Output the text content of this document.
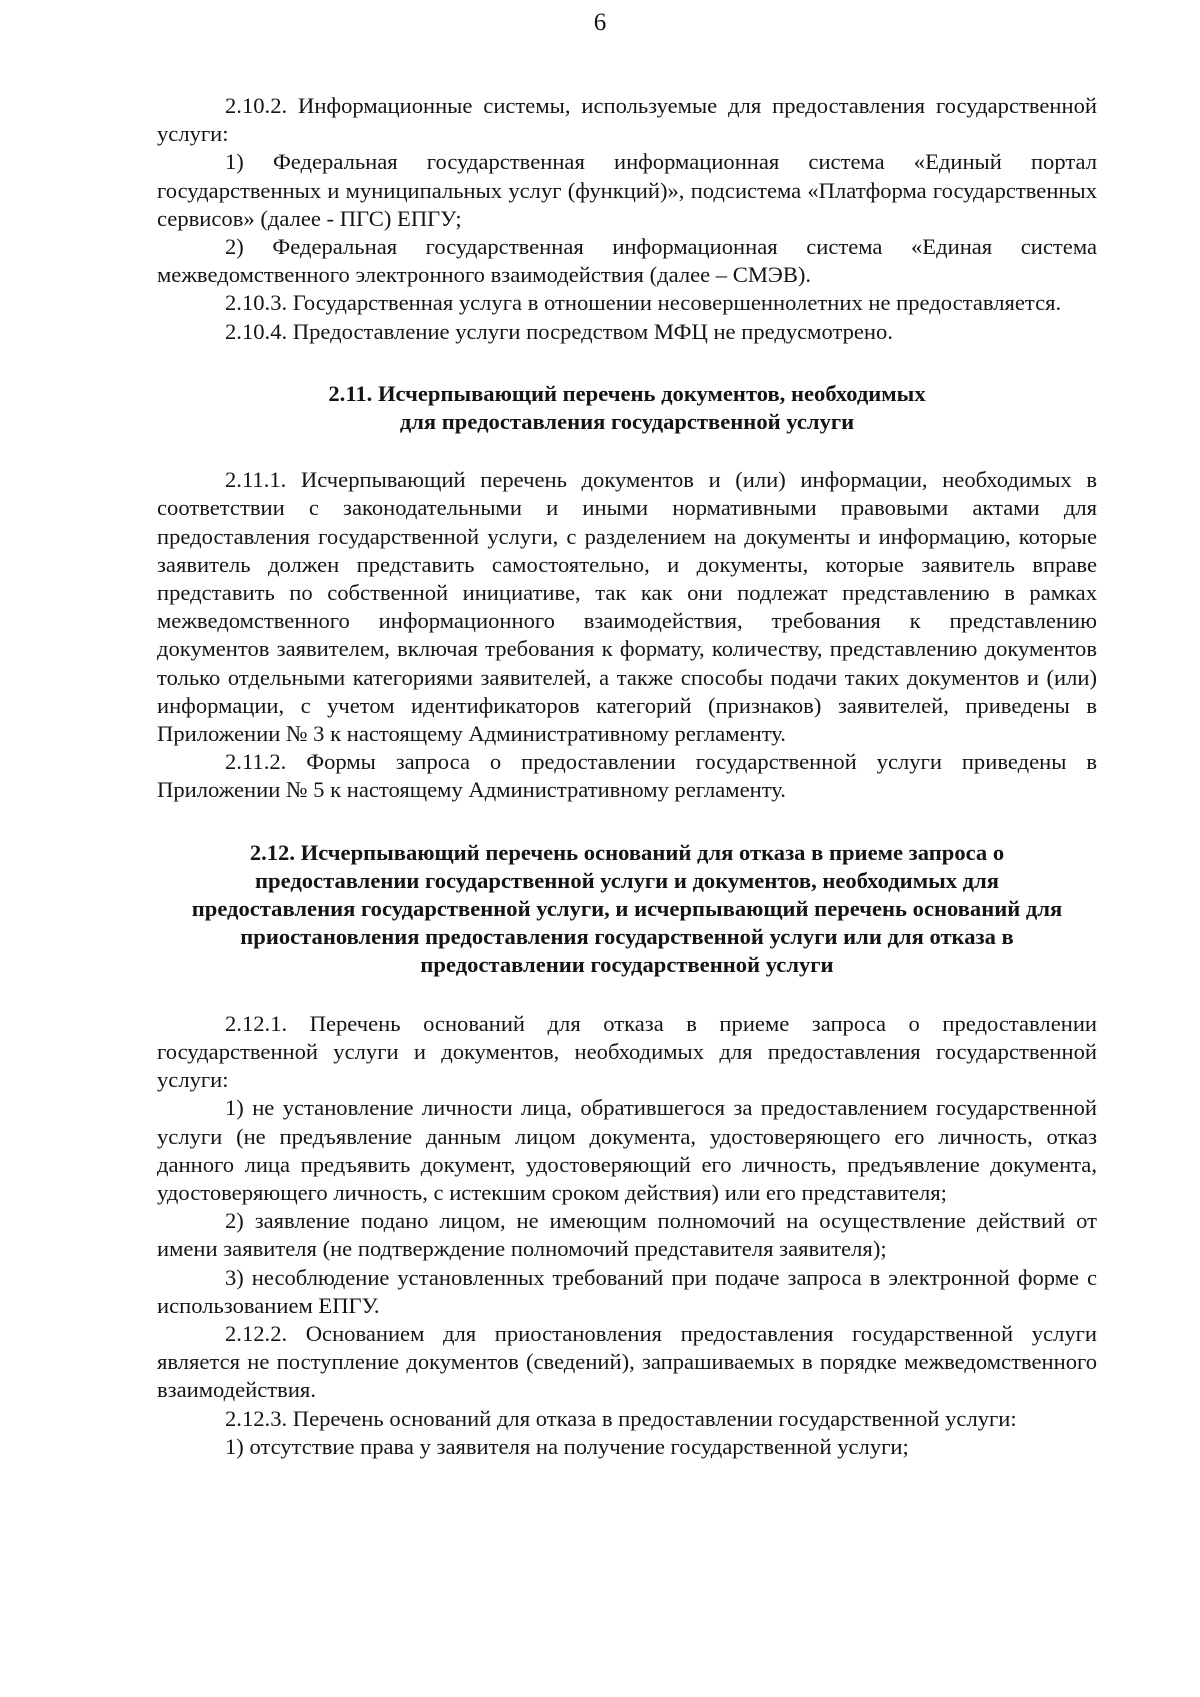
6

2.10.2. Информационные системы, используемые для предоставления государственной услуги:

1) Федеральная государственная информационная система «Единый портал государственных и муниципальных услуг (функций)», подсистема «Платформа государственных сервисов» (далее - ПГС) ЕПГУ;

2) Федеральная государственная информационная система «Единая система межведомственного электронного взаимодействия (далее – СМЭВ).

2.10.3. Государственная услуга в отношении несовершеннолетних не предоставляется.

2.10.4. Предоставление услуги посредством МФЦ не предусмотрено.

2.11. Исчерпывающий перечень документов, необходимых
для предоставления государственной услуги

2.11.1. Исчерпывающий перечень документов и (или) информации, необходимых в соответствии с законодательными и иными нормативными правовыми актами для предоставления государственной услуги, с разделением на документы и информацию, которые заявитель должен представить самостоятельно, и документы, которые заявитель вправе представить по собственной инициативе, так как они подлежат представлению в рамках межведомственного информационного взаимодействия, требования к представлению документов заявителем, включая требования к формату, количеству, представлению документов только отдельными категориями заявителей, а также способы подачи таких документов и (или) информации, с учетом идентификаторов категорий (признаков) заявителей, приведены в Приложении № 3 к настоящему Административному регламенту.

2.11.2. Формы запроса о предоставлении государственной услуги приведены в Приложении № 5 к настоящему Административному регламенту.

2.12. Исчерпывающий перечень оснований для отказа в приеме запроса о
предоставлении государственной услуги и документов, необходимых для
предоставления государственной услуги, и исчерпывающий перечень оснований для
приостановления предоставления государственной услуги или для отказа в
предоставлении государственной услуги

2.12.1. Перечень оснований для отказа в приеме запроса о предоставлении государственной услуги и документов, необходимых для предоставления государственной услуги:

1) не установление личности лица, обратившегося за предоставлением государственной услуги (не предъявление данным лицом документа, удостоверяющего его личность, отказ данного лица предъявить документ, удостоверяющий его личность, предъявление документа, удостоверяющего личность, с истекшим сроком действия) или его представителя;

2) заявление подано лицом, не имеющим полномочий на осуществление действий от имени заявителя (не подтверждение полномочий представителя заявителя);

3) несоблюдение установленных требований при подаче запроса в электронной форме с использованием ЕПГУ.

2.12.2. Основанием для приостановления предоставления государственной услуги является не поступление документов (сведений), запрашиваемых в порядке межведомственного взаимодействия.

2.12.3. Перечень оснований для отказа в предоставлении государственной услуги:

1) отсутствие права у заявителя на получение государственной услуги;
